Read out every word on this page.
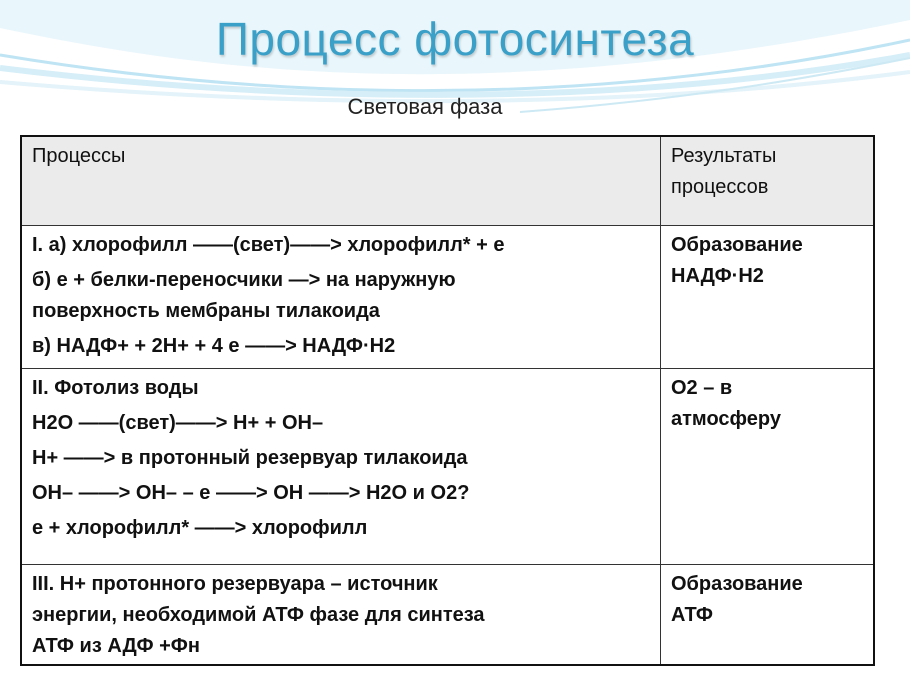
Процесс фотосинтеза
Световая фаза
Процессы	Результаты
процессов

I. а) хлорофилл ——(свет)——> хлорофилл* + е
б) е + белки-переносчики —> на наружную
поверхность мембраны тилакоида
в) НАДФ+ + 2Н+ + 4 е ——> НАДФ·Н2	Образование
НАДФ·Н2

II. Фотолиз воды
Н2О ——(свет)——> Н+ + ОН–
Н+ ——> в протонный резервуар тилакоида
ОН– ——> ОН– – е ——> ОН ——> Н2О и О2?
е + хлорофилл* ——> хлорофилл	О2 – в
атмосферу

III. Н+ протонного резервуара – источник
энергии, необходимой АТФ фазе для синтеза
АТФ из АДФ +Фн	Образование
АТФ
